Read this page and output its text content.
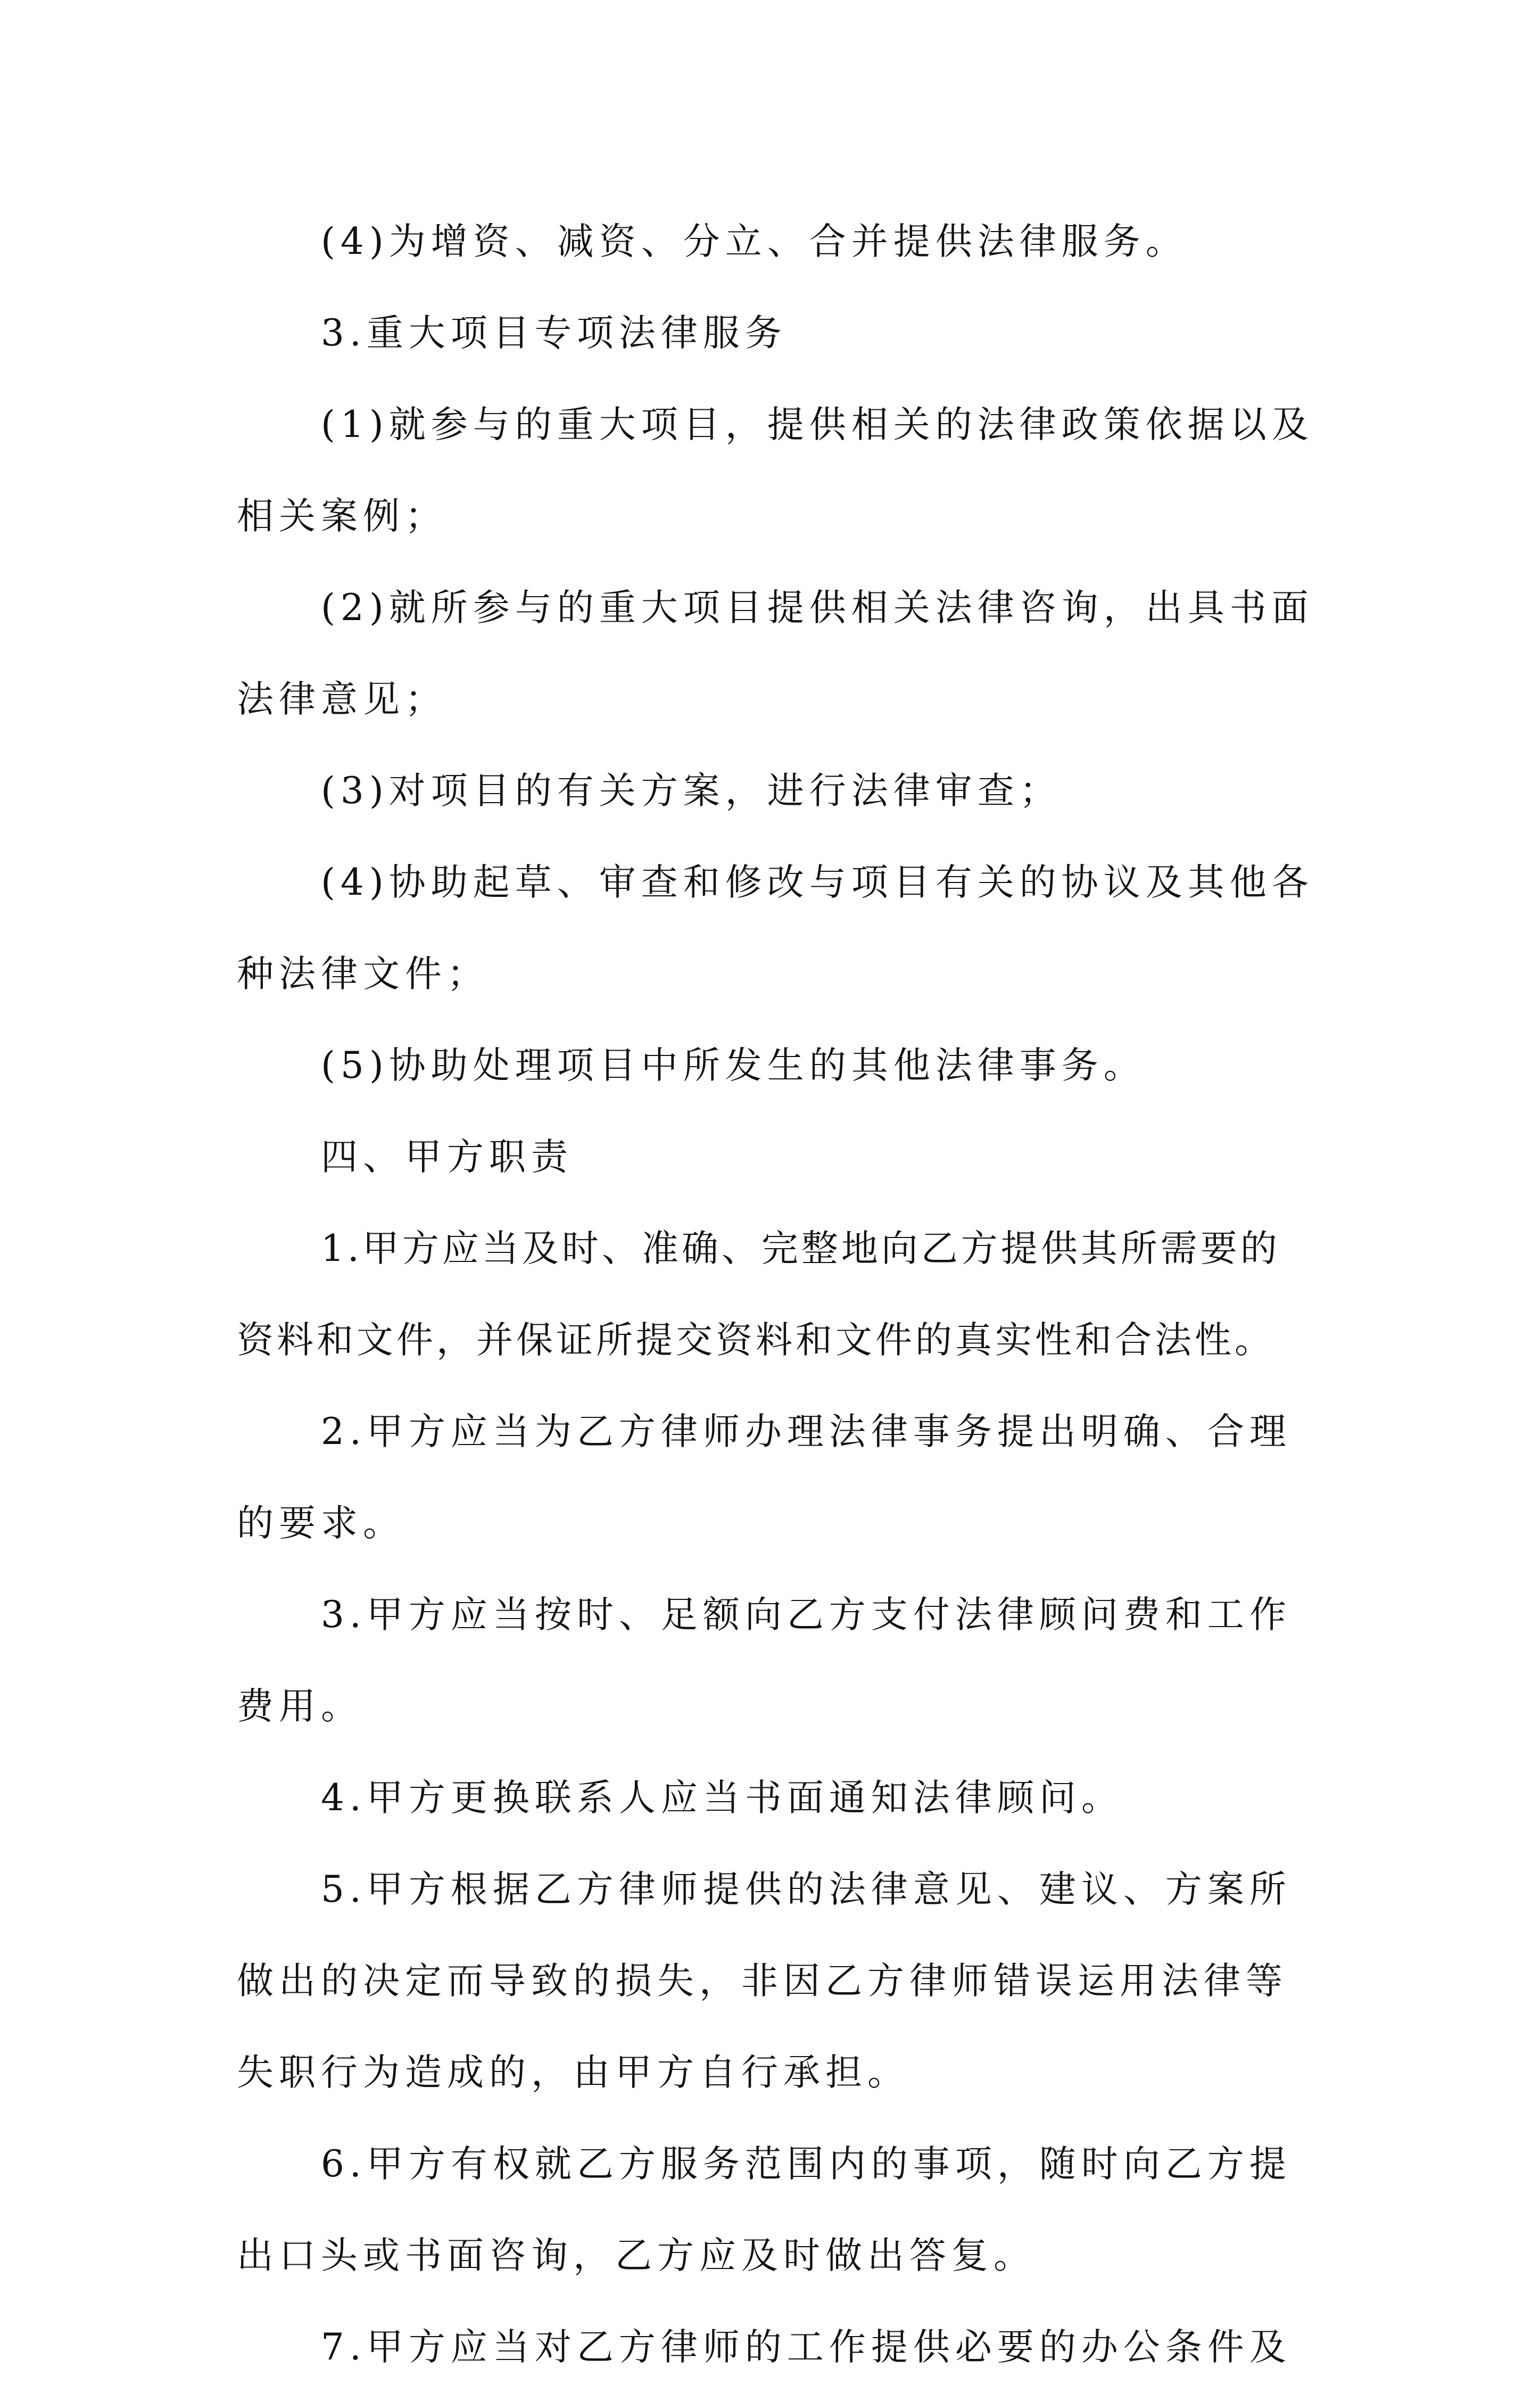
(4)为增资、减资、分立、合并提供法律服务。

3.重大项目专项法律服务

(1)就参与的重大项目，提供相关的法律政策依据以及相关案例；

(2)就所参与的重大项目提供相关法律咨询，出具书面法律意见；

(3)对项目的有关方案，进行法律审查；

(4)协助起草、审查和修改与项目有关的协议及其他各种法律文件；

(5)协助处理项目中所发生的其他法律事务。

四、甲方职责

1.甲方应当及时、准确、完整地向乙方提供其所需要的资料和文件，并保证所提交资料和文件的真实性和合法性。

2.甲方应当为乙方律师办理法律事务提出明确、合理的要求。

3.甲方应当按时、足额向乙方支付法律顾问费和工作费用。

4.甲方更换联系人应当书面通知法律顾问。

5.甲方根据乙方律师提供的法律意见、建议、方案所做出的决定而导致的损失，非因乙方律师错误运用法律等失职行为造成的，由甲方自行承担。

6.甲方有权就乙方服务范围内的事项，随时向乙方提出口头或书面咨询，乙方应及时做出答复。

7.甲方应当对乙方律师的工作提供必要的办公条件及
